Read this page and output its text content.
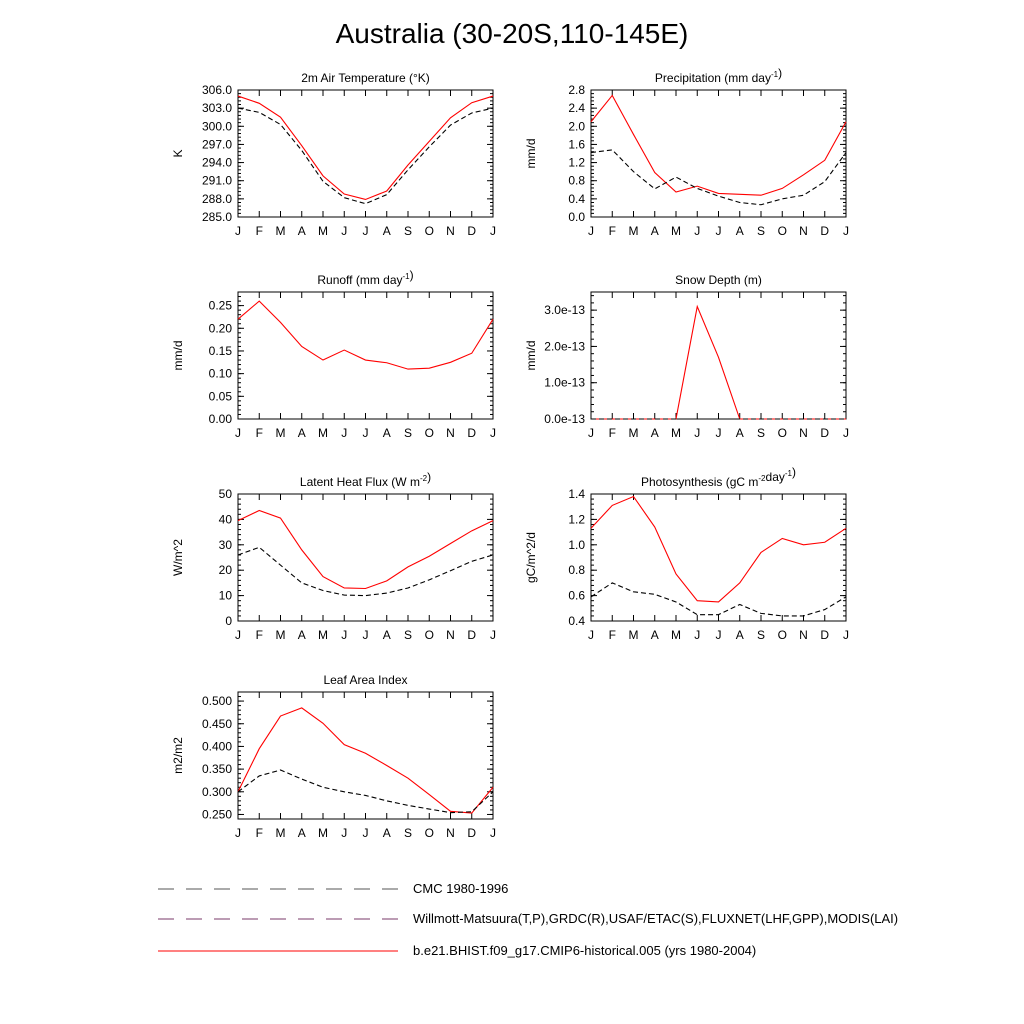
Australia (30-20S,110-145E)
J F M A M J J A S O N D J
285.0
288.0
291.0
294.0
297.0
300.0
303.0
306.0
2m Air Temperature (°K)
K
J F M A M J J A S O N D J
0.0
0.4
0.8
1.2
1.6
2.0
2.4
2.8
Precipitation (mm day$^{-1}$)
mm/d
J F M A M J J A S O N D J
0.00
0.05
0.10
0.15
0.20
0.25
Runoff (mm day$^{-1}$)
mm/d
J F M A M J J A S O N D J
0.0e-13
1.0e-13
2.0e-13
3.0e-13
Snow Depth (m)
mm/d
J F M A M J J A S O N D J
0
10
20
30
40
50
Latent Heat Flux (W $m^{-2}$)
W/m^2
J F M A M J J A S O N D J
0.4
0.6
0.8
1.0
1.2
1.4
Photosynthesis (gC $m^{-2}day^{-1}$)
gC/m^2/d
J F M A M J J A S O N D J
0.250
0.300
0.350
0.400
0.450
0.500
Leaf Area Index
m2/m2
CMC 1980-1996
Willmott-Matsuura(T,P),GRDC(R),USAF/ETAC(S),FLUXNET(LHF,GPP),MODIS(LAI)
b.e21.BHIST.f09_g17.CMIP6-historical.005 (yrs 1980-2004)
